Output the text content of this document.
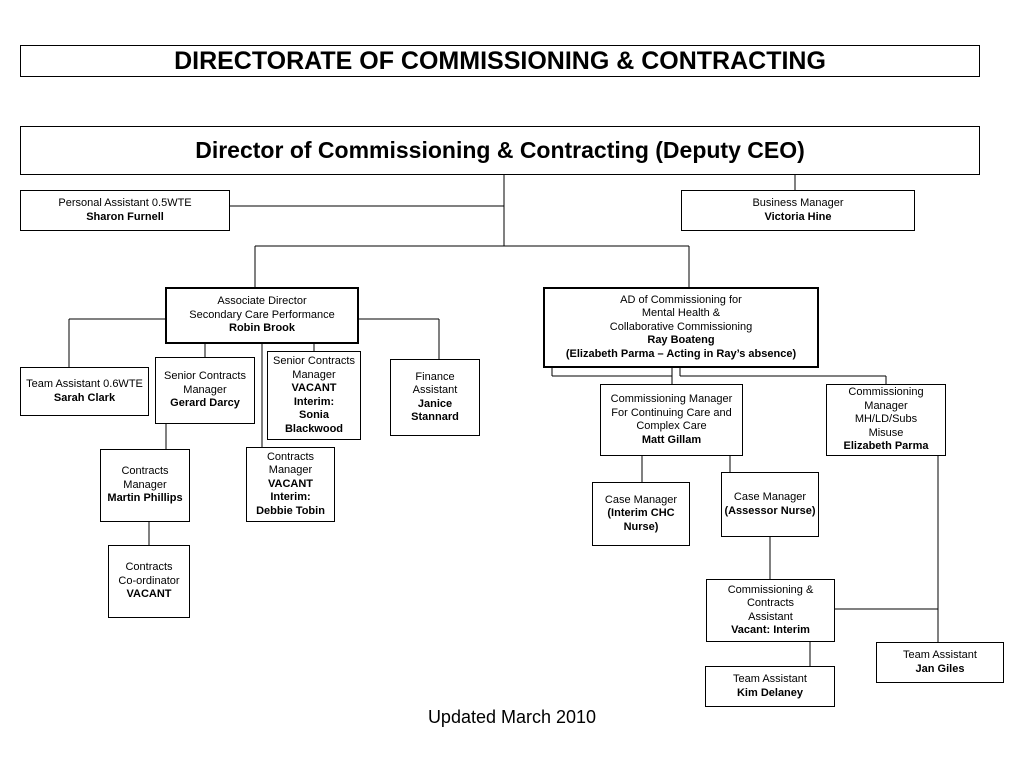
DIRECTORATE OF COMMISSIONING & CONTRACTING
Director of Commissioning & Contracting (Deputy CEO)
Personal Assistant 0.5WTE
Sharon Furnell
Business Manager
Victoria Hine
Associate Director
Secondary Care Performance
Robin Brook
AD of Commissioning for
Mental Health &
Collaborative Commissioning
Ray Boateng
(Elizabeth Parma – Acting in Ray’s absence)
Team Assistant 0.6WTE
Sarah Clark
Senior Contracts
Manager
Gerard Darcy
Senior Contracts
Manager
VACANT
Interim:
Sonia
Blackwood
Finance
Assistant
Janice
Stannard
Contracts
Manager
Martin Phillips
Contracts
Manager
VACANT
Interim:
Debbie Tobin
Contracts
Co-ordinator
VACANT
Commissioning Manager
For Continuing Care and
Complex Care
Matt Gillam
Commissioning
Manager
MH/LD/Subs
Misuse
Elizabeth Parma
Case Manager
(Interim CHC
Nurse)
Case Manager
(Assessor Nurse)
Commissioning &
Contracts
Assistant
Vacant: Interim
Team Assistant
Kim Delaney
Team Assistant
Jan Giles
Updated March 2010
